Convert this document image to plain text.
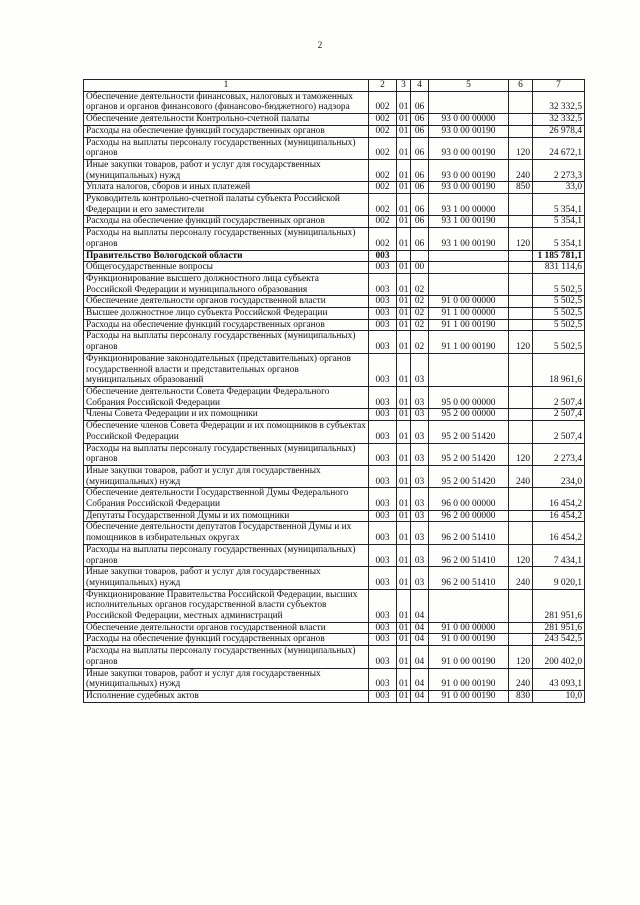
2
1	2	3	4	5	6	7
Обеспечение деятельности финансовых, налоговых и таможенных органов и органов финансового (финансово-бюджетного) надзора	002	01	06			32 332,5
Обеспечение деятельности Контрольно-счетной палаты	002	01	06	93 0 00 00000		32 332,5
Расходы на обеспечение функций государственных органов	002	01	06	93 0 00 00190		26 978,4
Расходы на выплаты персоналу государственных (муниципальных) органов	002	01	06	93 0 00 00190	120	24 672,1
Иные закупки товаров, работ и услуг для государственных (муниципальных) нужд	002	01	06	93 0 00 00190	240	2 273,3
Уплата налогов, сборов и иных платежей	002	01	06	93 0 00 00190	850	33,0
Руководитель контрольно-счетной палаты субъекта Российской Федерации и его заместители	002	01	06	93 1 00 00000		5 354,1
Расходы на обеспечение функций государственных органов	002	01	06	93 1 00 00190		5 354,1
Расходы на выплаты персоналу государственных (муниципальных) органов	002	01	06	93 1 00 00190	120	5 354,1
Правительство Вологодской области	003					1 185 781,1
Общегосударственные вопросы	003	01	00			831 114,6
Функционирование высшего должностного лица субъекта Российской Федерации и муниципального образования	003	01	02			5 502,5
Обеспечение деятельности органов государственной власти	003	01	02	91 0 00 00000		5 502,5
Высшее должностное лицо субъекта Российской Федерации	003	01	02	91 1 00 00000		5 502,5
Расходы на обеспечение функций государственных органов	003	01	02	91 1 00 00190		5 502,5
Расходы на выплаты персоналу государственных (муниципальных) органов	003	01	02	91 1 00 00190	120	5 502,5
Функционирование законодательных (представительных) органов государственной власти и представительных органов муниципальных образований	003	01	03			18 961,6
Обеспечение деятельности Совета Федерации Федерального Собрания Российской Федерации	003	01	03	95 0 00 00000		2 507,4
Члены Совета Федерации и их помощники	003	01	03	95 2 00 00000		2 507,4
Обеспечение членов Совета Федерации и их помощников в субъектах Российской Федерации	003	01	03	95 2 00 51420		2 507,4
Расходы на выплаты персоналу государственных (муниципальных) органов	003	01	03	95 2 00 51420	120	2 273,4
Иные закупки товаров, работ и услуг для государственных (муниципальных) нужд	003	01	03	95 2 00 51420	240	234,0
Обеспечение деятельности Государственной Думы Федерального Собрания Российской Федерации	003	01	03	96 0 00 00000		16 454,2
Депутаты Государственной Думы и их помощники	003	01	03	96 2 00 00000		16 454,2
Обеспечение деятельности депутатов Государственной Думы и их помощников в избирательных округах	003	01	03	96 2 00 51410		16 454,2
Расходы на выплаты персоналу государственных (муниципальных) органов	003	01	03	96 2 00 51410	120	7 434,1
Иные закупки товаров, работ и услуг для государственных (муниципальных) нужд	003	01	03	96 2 00 51410	240	9 020,1
Функционирование Правительства Российской Федерации, высших исполнительных органов государственной власти субъектов Российской Федерации, местных администраций	003	01	04			281 951,6
Обеспечение деятельности органов государственной власти	003	01	04	91 0 00 00000		281 951,6
Расходы на обеспечение функций государственных органов	003	01	04	91 0 00 00190		243 542,5
Расходы на выплаты персоналу государственных (муниципальных) органов	003	01	04	91 0 00 00190	120	200 402,0
Иные закупки товаров, работ и услуг для государственных (муниципальных) нужд	003	01	04	91 0 00 00190	240	43 093,1
Исполнение судебных актов	003	01	04	91 0 00 00190	830	10,0
